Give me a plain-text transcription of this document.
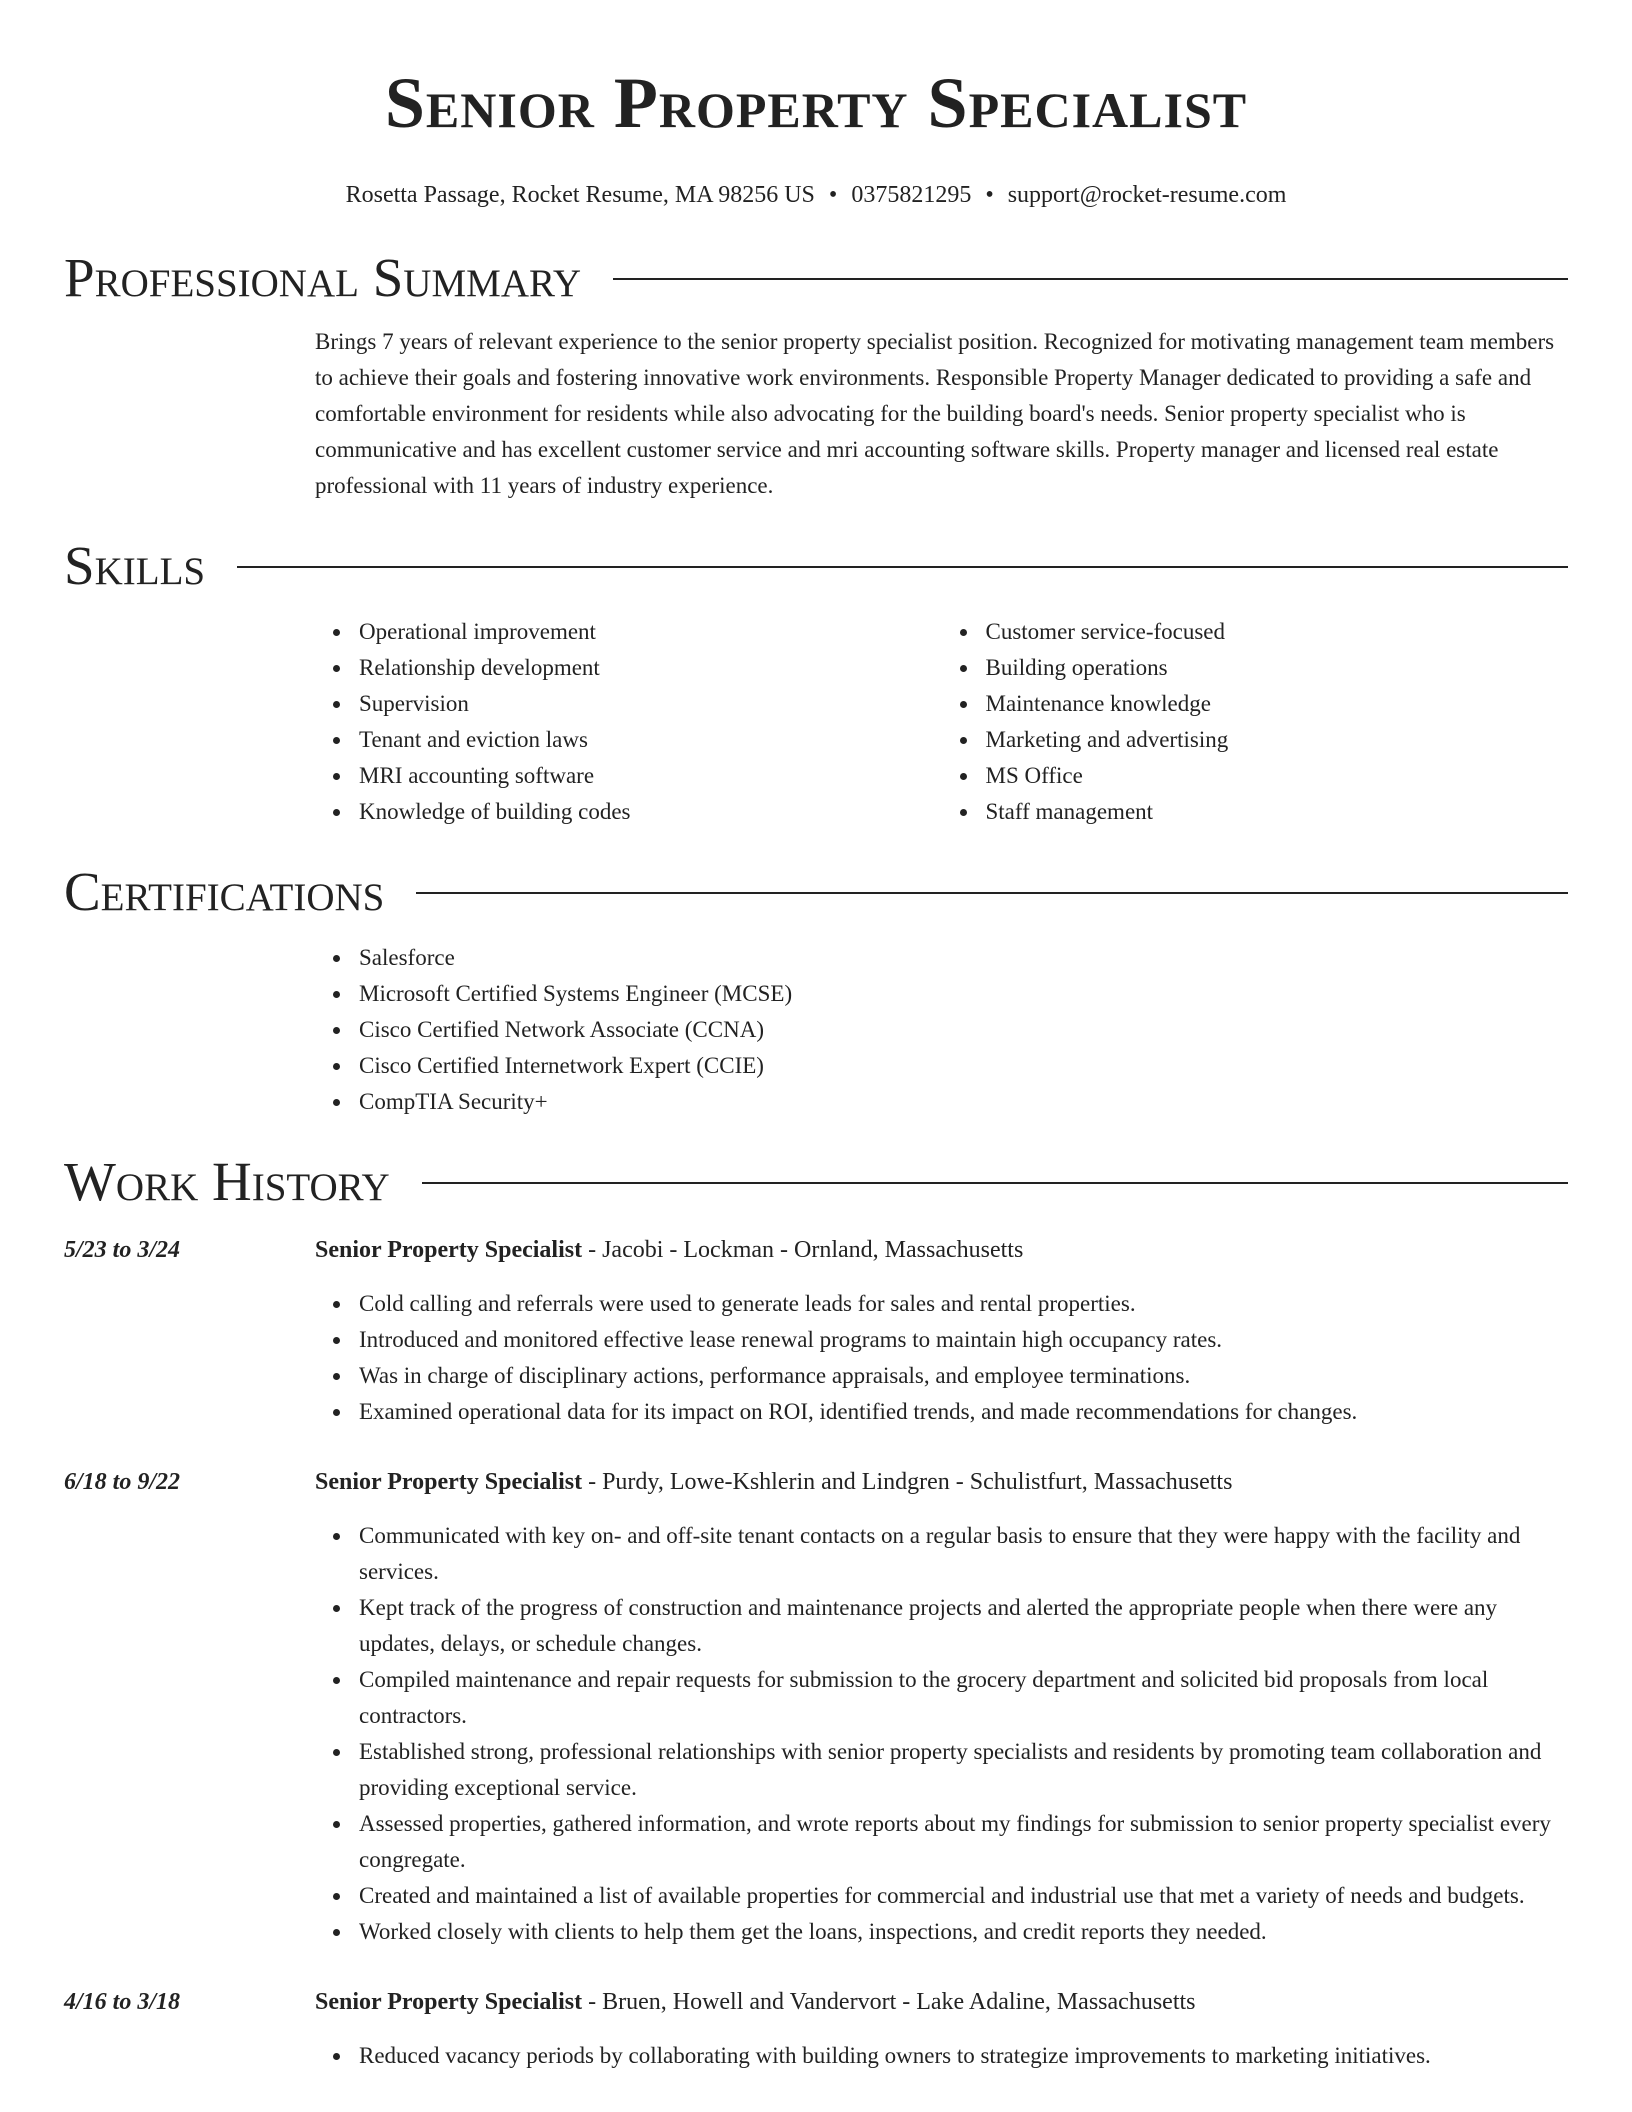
Senior Property Specialist
Rosetta Passage, Rocket Resume, MA 98256 US • 0375821295 • support@rocket-resume.com
Professional Summary
Brings 7 years of relevant experience to the senior property specialist position. Recognized for motivating management team members to achieve their goals and fostering innovative work environments. Responsible Property Manager dedicated to providing a safe and comfortable environment for residents while also advocating for the building board's needs. Senior property specialist who is communicative and has excellent customer service and mri accounting software skills. Property manager and licensed real estate professional with 11 years of industry experience.
Skills
Operational improvement
Relationship development
Supervision
Tenant and eviction laws
MRI accounting software
Knowledge of building codes
Customer service-focused
Building operations
Maintenance knowledge
Marketing and advertising
MS Office
Staff management
Certifications
Salesforce
Microsoft Certified Systems Engineer (MCSE)
Cisco Certified Network Associate (CCNA)
Cisco Certified Internetwork Expert (CCIE)
CompTIA Security+
Work History
5/23 to 3/24	Senior Property Specialist - Jacobi - Lockman - Ornland, Massachusetts
Cold calling and referrals were used to generate leads for sales and rental properties.
Introduced and monitored effective lease renewal programs to maintain high occupancy rates.
Was in charge of disciplinary actions, performance appraisals, and employee terminations.
Examined operational data for its impact on ROI, identified trends, and made recommendations for changes.
6/18 to 9/22	Senior Property Specialist - Purdy, Lowe-Kshlerin and Lindgren - Schulistfurt, Massachusetts
Communicated with key on- and off-site tenant contacts on a regular basis to ensure that they were happy with the facility and services.
Kept track of the progress of construction and maintenance projects and alerted the appropriate people when there were any updates, delays, or schedule changes.
Compiled maintenance and repair requests for submission to the grocery department and solicited bid proposals from local contractors.
Established strong, professional relationships with senior property specialists and residents by promoting team collaboration and providing exceptional service.
Assessed properties, gathered information, and wrote reports about my findings for submission to senior property specialist every congregate.
Created and maintained a list of available properties for commercial and industrial use that met a variety of needs and budgets.
Worked closely with clients to help them get the loans, inspections, and credit reports they needed.
4/16 to 3/18	Senior Property Specialist - Bruen, Howell and Vandervort - Lake Adaline, Massachusetts
Reduced vacancy periods by collaborating with building owners to strategize improvements to marketing initiatives.
